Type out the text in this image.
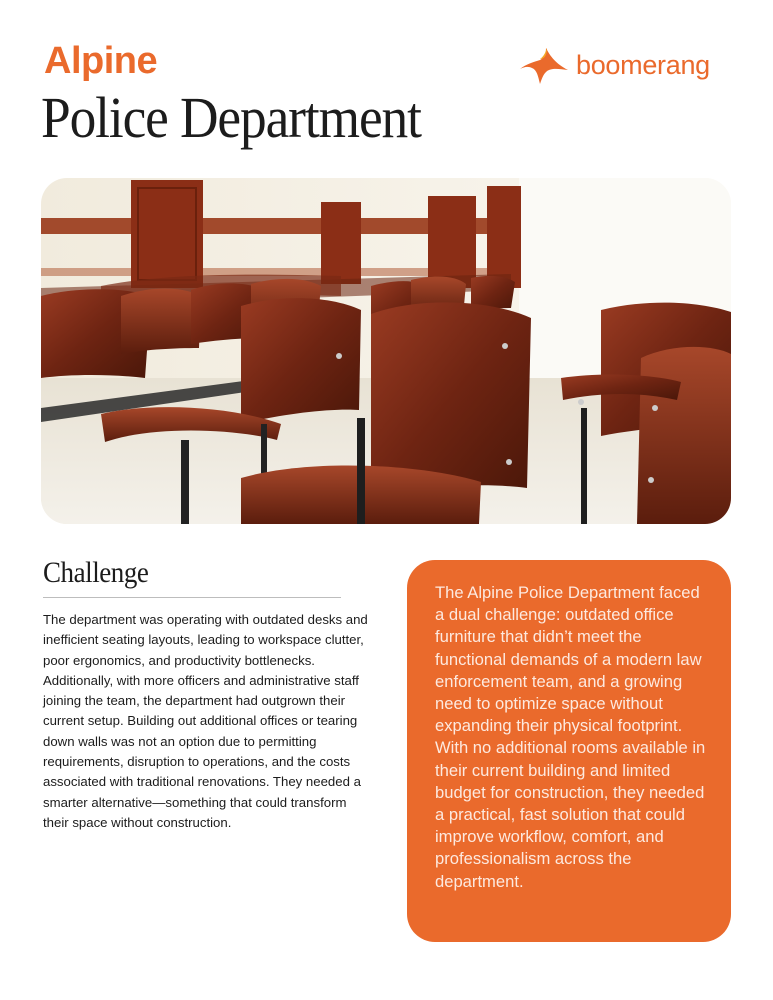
Alpine
Police Department
boomerang
Challenge
The department was operating with outdated desks and inefficient seating layouts, leading to workspace clutter, poor ergonomics, and productivity bottlenecks. Additionally, with more officers and administrative staff joining the team, the department had outgrown their current setup. Building out additional offices or tearing down walls was not an option due to permitting requirements, disruption to operations, and the costs associated with traditional renovations. They needed a smarter alternative—something that could transform their space without construction.
The Alpine Police Department faced a dual challenge: outdated office furniture that didn’t meet the functional demands of a modern law enforcement team, and a growing need to optimize space without expanding their physical footprint. With no additional rooms available in their current building and limited budget for construction, they needed a practical, fast solution that could improve workflow, comfort, and professionalism across the department.
